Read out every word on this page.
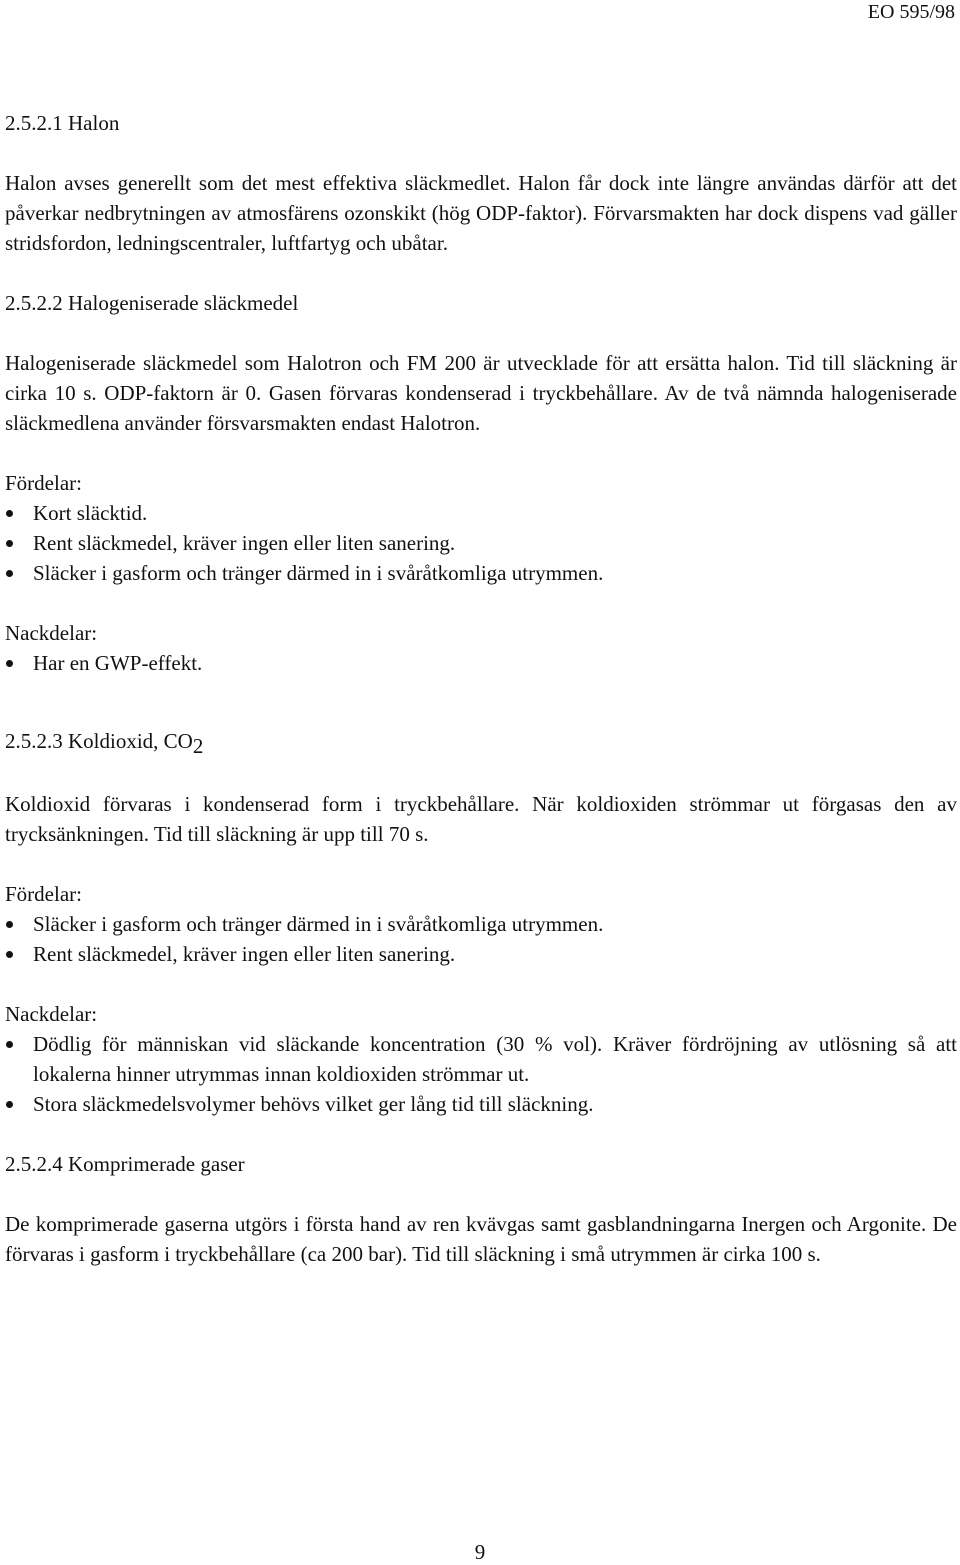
EO 595/98
2.5.2.1 Halon
Halon avses generellt som det mest effektiva släckmedlet. Halon får dock inte längre användas därför att det påverkar nedbrytningen av atmosfärens ozonskikt (hög ODP-faktor). Förvarsmakten har dock dispens vad gäller stridsfordon, ledningscentraler, luftfartyg och ubåtar.
2.5.2.2 Halogeniserade släckmedel
Halogeniserade släckmedel som Halotron och FM 200 är utvecklade för att ersätta halon. Tid till släckning är cirka 10 s. ODP-faktorn är 0. Gasen förvaras kondenserad i tryckbehållare. Av de två nämnda halogeniserade släckmedlena använder försvarsmakten endast Halotron.
Fördelar:
Kort släcktid.
Rent släckmedel, kräver ingen eller liten sanering.
Släcker i gasform och tränger därmed in i svåråtkomliga utrymmen.
Nackdelar:
Har en GWP-effekt.
2.5.2.3 Koldioxid, CO2
Koldioxid förvaras i kondenserad form i tryckbehållare. När koldioxiden strömmar ut förgasas den av trycksänkningen. Tid till släckning är upp till 70 s.
Fördelar:
Släcker i gasform och tränger därmed in i svåråtkomliga utrymmen.
Rent släckmedel, kräver ingen eller liten sanering.
Nackdelar:
Dödlig för människan vid släckande koncentration (30 % vol). Kräver fördröjning av utlösning så att lokalerna hinner utrymmas innan koldioxiden strömmar ut.
Stora släckmedelsvolymer behövs vilket ger lång tid till släckning.
2.5.2.4 Komprimerade gaser
De komprimerade gaserna utgörs i första hand av ren kvävgas samt gasblandningarna Inergen och Argonite. De förvaras i gasform i tryckbehållare (ca 200 bar). Tid till släckning i små utrymmen är cirka 100 s.
9
